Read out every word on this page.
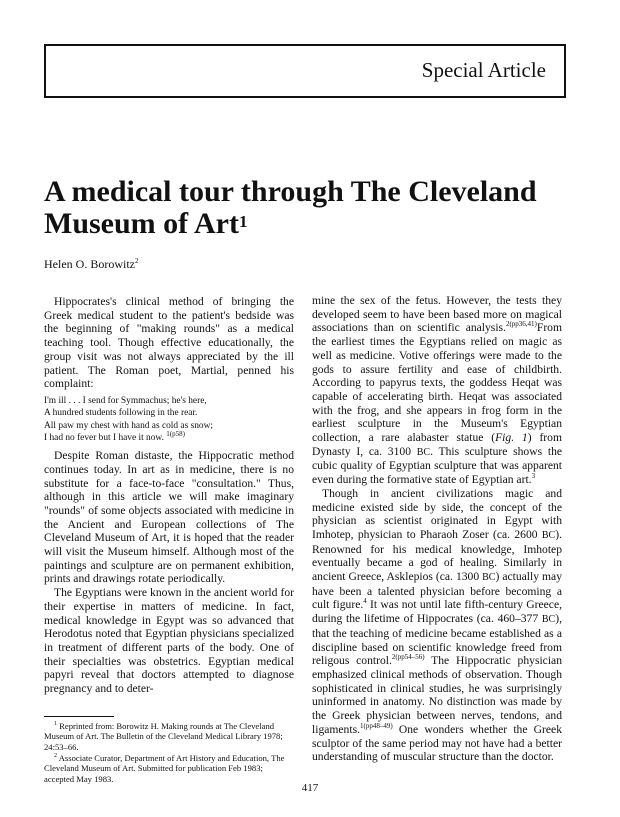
Special Article
A medical tour through The Cleveland Museum of Art$^1$
Helen O. Borowitz$^2$

Hippocrates's clinical method of bringing the Greek medical student to the patient's bedside was the beginning of "making rounds" as a medical teaching tool. Though effective educationally, the group visit was not always appreciated by the ill patient. The Roman poet, Martial, penned his complaint:

I'm ill . . . I send for Symmachus; he's here,
A hundred students following in the rear.
All paw my chest with hand as cold as snow;
I had no fever but I have it now. $^{1(p58)}$

Despite Roman distaste, the Hippocratic method continues today. In art as in medicine, there is no substitute for a face-to-face "consultation." Thus, although in this article we will make imaginary "rounds" of some objects associated with medicine in the Ancient and European collections of The Cleveland Museum of Art, it is hoped that the reader will visit the Museum himself. Although most of the paintings and sculpture are on permanent exhibition, prints and drawings rotate periodically.

The Egyptians were known in the ancient world for their expertise in matters of medicine. In fact, medical knowledge in Egypt was so advanced that Herodotus noted that Egyptian physicians specialized in treatment of different parts of the body. One of their specialties was obstetrics. Egyptian medical papyri reveal that doctors attempted to diagnose pregnancy and to deter-

$^1$ Reprinted from: Borowitz H. Making rounds at The Cleveland Museum of Art. The Bulletin of the Cleveland Medical Library 1978; 24:53–66.

$^2$ Associate Curator, Department of Art History and Education, The Cleveland Museum of Art. Submitted for publication Feb 1983; accepted May 1983.

mine the sex of the fetus. However, the tests they developed seem to have been based more on magical associations than on scientific analysis.$^{2(pp36,41)}$From the earliest times the Egyptians relied on magic as well as medicine. Votive offerings were made to the gods to assure fertility and ease of childbirth. According to papyrus texts, the goddess Heqat was capable of accelerating birth. Heqat was associated with the frog, and she appears in frog form in the earliest sculpture in the Museum's Egyptian collection, a rare alabaster statue (Fig. 1) from Dynasty I, ca. 3100 BC. This sculpture shows the cubic quality of Egyptian sculpture that was apparent even during the formative state of Egyptian art.$^3$

Though in ancient civilizations magic and medicine existed side by side, the concept of the physician as scientist originated in Egypt with Imhotep, physician to Pharaoh Zoser (ca. 2600 BC). Renowned for his medical knowledge, Imhotep eventually became a god of healing. Similarly in ancient Greece, Asklepios (ca. 1300 BC) actually may have been a talented physician before becoming a cult figure.$^4$ It was not until late fifth-century Greece, during the lifetime of Hippocrates (ca. 460–377 BC), that the teaching of medicine became established as a discipline based on scientific knowledge freed from religous control.$^{2(pp54-56)}$ The Hippocratic physician emphasized clinical methods of observation. Though sophisticated in clinical studies, he was surprisingly uninformed in anatomy. No distinction was made by the Greek physician between nerves, tendons, and ligaments.$^{1(pp48-49)}$ One wonders whether the Greek sculptor of the same period may not have had a better understanding of muscular structure than the doctor.

417
